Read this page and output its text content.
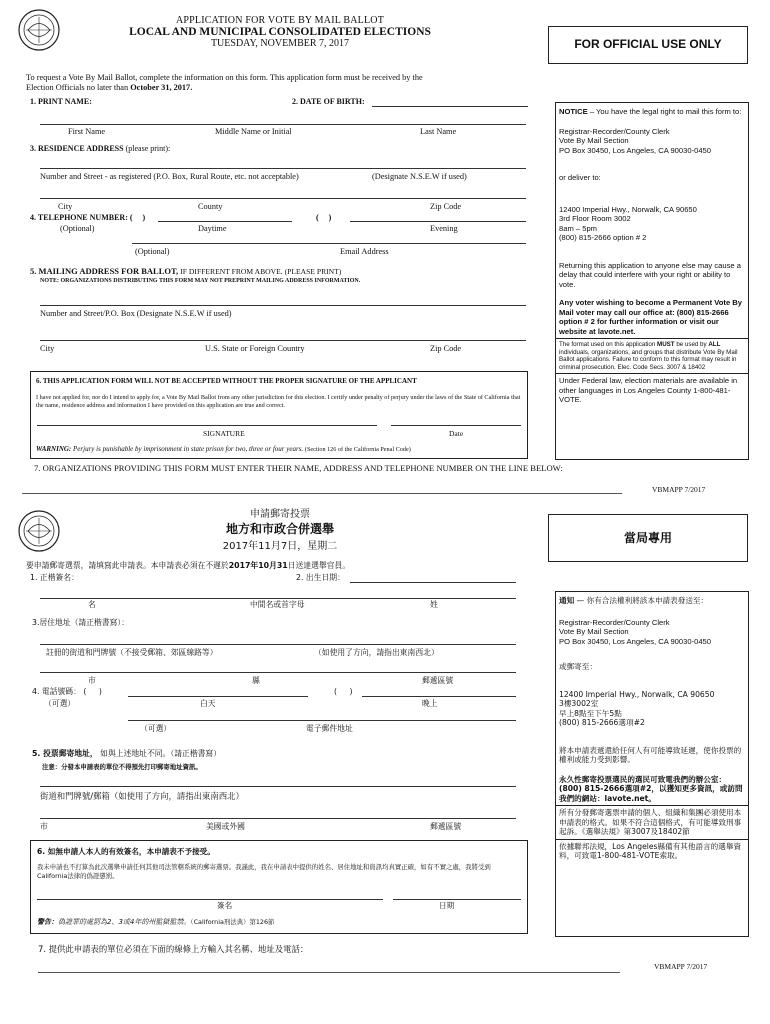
APPLICATION FOR VOTE BY MAIL BALLOT
LOCAL AND MUNICIPAL CONSOLIDATED ELECTIONS
TUESDAY, NOVEMBER 7, 2017	FOR OFFICIAL USE ONLY
To request a Vote By Mail Ballot, complete the information on this form. This application form must be received by the
Election Officials no later than October 31, 2017.
1. PRINT NAME:	2. DATE OF BIRTH:
First Name	Middle Name or Initial	Last Name
3. RESIDENCE ADDRESS (please print):
Number and Street - as registered (P.O. Box, Rural Route, etc. not acceptable)	(Designate N.S.E.W if used)
City	County	Zip Code
4. TELEPHONE NUMBER: ( )	( )
(Optional)	Daytime	Evening
(Optional)	Email Address
5. MAILING ADDRESS FOR BALLOT, IF DIFFERENT FROM ABOVE. (PLEASE PRINT)
NOTE: ORGANIZATIONS DISTRIBUTING THIS FORM MAY NOT PREPRINT MAILING ADDRESS INFORMATION.
Number and Street/P.O. Box (Designate N.S.E.W if used)
City	U.S. State or Foreign Country	Zip Code
6. THIS APPLICATION FORM WILL NOT BE ACCEPTED WITHOUT THE PROPER SIGNATURE OF THE APPLICANT
I have not applied for, nor do I intend to apply for, a Vote By Mail Ballot from any other jurisdiction for this election. I certify under penalty of perjury under the laws of the State of California that the name, residence address and information I have provided on this application are true and correct.
SIGNATURE	Date
WARNING: Perjury is punishable by imprisonment in state prison for two, three or four years. (Section 126 of the California Penal Code)
7. ORGANIZATIONS PROVIDING THIS FORM MUST ENTER THEIR NAME, ADDRESS AND TELEPHONE NUMBER ON THE LINE BELOW:
VBMAPP 7/2017
NOTICE – You have the legal right to mail this form to:
Registrar-Recorder/County Clerk
Vote By Mail Section
PO Box 30450, Los Angeles, CA 90030-0450
or deliver to:
12400 Imperial Hwy., Norwalk, CA 90650
3rd Floor Room 3002
8am – 5pm
(800) 815-2666 option # 2
Returning this application to anyone else may cause a delay that could interfere with your right or ability to vote.
Any voter wishing to become a Permanent Vote By Mail voter may call our office at: (800) 815-2666 option # 2 for further information or visit our website at lavote.net.
The format used on this application MUST be used by ALL individuals, organizations, and groups that distribute Vote By Mail Ballot applications. Failure to conform to this format may result in criminal prosecution. Elec. Code Secs. 3007 & 18402
Under Federal law, election materials are available in other languages in Los Angeles County 1-800-481-VOTE.
申請郵寄投票
地方和市政合併選舉
2017年11月7日，星期二
當局專用
要申請郵寄選票，請填寫此申請表。本申請表必須在不遲於2017年10月31日送達選舉官員。
1. 正楷簽名：	2. 出生日期：
名	中間名或首字母	姓
3.居住地址（請正楷書寫）：
註冊的街道和門牌號（不接受郵箱、郊區線路等）	（如使用了方向，請指出東南西北）
市	縣	郵遞區號
4. 電話號碼： ( )	( )
（可選）	白天	晚上
（可選）	電子郵件地址
5. 投票郵寄地址， 如與上述地址不同。（請正楷書寫）
注意：分發本申請表的單位不得預先打印郵寄地址資訊。
街道和門牌號/郵箱（如使用了方向，請指出東南西北）
市	美國或外國	郵遞區號
6. 如無申請人本人的有效簽名，本申請表不予接受。
我未申請也不打算為此次選舉申請任何其他司法管轄系統的郵寄選票。我謹此，我在申請表中提供的姓名、居住地址和資訊均真實正確，如有不實之處，我將受到California法律的偽證懲罰。
簽名	日期
警告：偽證罪的處罰為2、3或4年的州監獄監禁。（California刑法典）第126節
7. 提供此申請表的單位必須在下面的線條上方輸入其名稱、地址及電話：
VBMAPP 7/2017
通知 — 你有合法權利將該本申請表發送至：
Registrar-Recorder/County Clerk
Vote By Mail Section
PO Box 30450, Los Angeles, CA 90030-0450
或郵寄至：
12400 Imperial Hwy., Norwalk, CA 90650
3樓3002室
早上8點至下午5點
(800) 815-2666選項#2
將本申請表遞還給任何人有可能導致延遲，使你投票的權利或能力受到影響。
永久性郵寄投票選民的選民可致電我們的辦公室：(800) 815-2666選項#2，以獲知更多資訊，或訪問我們的網站：lavote.net。
所有分發郵寄選票申請的個人、組織和集團必須使用本申請表的格式。如果不符合這個格式，有可能導致刑事起訴。《選舉法規》第3007及18402節
依據聯邦法規，Los Angeles縣備有其他語言的選舉資料，可致電1-800-481-VOTE索取。
